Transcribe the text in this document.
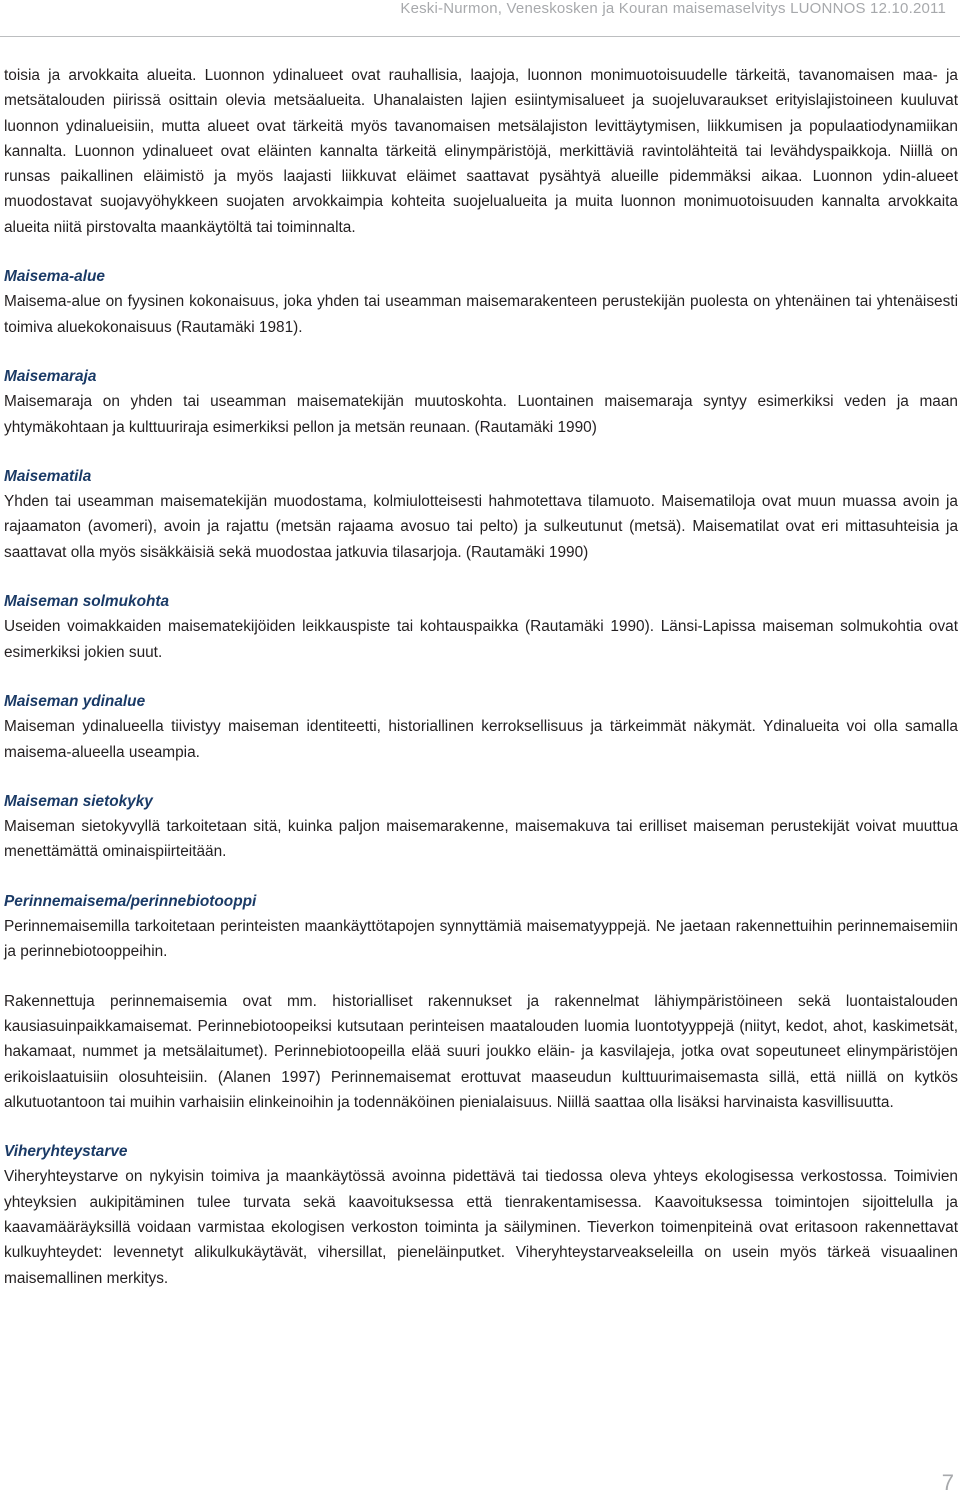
Keski-Nurmon, Veneskosken ja Kouran maisemaselvitys LUONNOS 12.10.2011

toisia ja arvokkaita alueita. Luonnon ydinalueet ovat rauhallisia, laajoja, luonnon monimuotoisuudelle tärkeitä, tavanomaisen maa- ja metsätalouden piirissä osittain olevia metsäalueita. Uhanalaisten lajien esiintymisalueet ja suojeluvaraukset erityislajistoineen kuuluvat luonnon ydinalueisiin, mutta alueet ovat tärkeitä myös tavanomaisen metsälajiston levittäytymisen, liikkumisen ja populaatiodynamiikan kannalta. Luonnon ydinalueet ovat eläinten kannalta tärkeitä elinympäristöjä, merkittäviä ravintolähteitä tai levähdyspaikkoja. Niillä on runsas paikallinen eläimistö ja myös laajasti liikkuvat eläimet saattavat pysähtyä alueille pidemmäksi aikaa. Luonnon ydin-alueet muodostavat suojavyöhykkeen suojaten arvokkaimpia kohteita suojelualueita ja muita luonnon monimuotoisuuden kannalta arvokkaita alueita niitä pirstovalta maankäytöltä tai toiminnalta.

Maisema-alue

Maisema-alue on fyysinen kokonaisuus, joka yhden tai useamman maisemarakenteen perustekijän puolesta on yhtenäinen tai yhtenäisesti toimiva aluekokonaisuus (Rautamäki 1981).

Maisemaraja

Maisemaraja on yhden tai useamman maisematekijän muutoskohta. Luontainen maisemaraja syntyy esimerkiksi veden ja maan yhtymäkohtaan ja kulttuuriraja esimerkiksi pellon ja metsän reunaan. (Rautamäki 1990)

Maisematila

Yhden tai useamman maisematekijän muodostama, kolmiulotteisesti hahmotettava tilamuoto. Maisematiloja ovat muun muassa avoin ja rajaamaton (avomeri), avoin ja rajattu (metsän rajaama avosuo tai pelto) ja sulkeutunut (metsä). Maisematilat ovat eri mittasuhteisia ja saattavat olla myös sisäkkäisiä sekä muodostaa jatkuvia tilasarjoja. (Rautamäki 1990)

Maiseman solmukohta

Useiden voimakkaiden maisematekijöiden leikkauspiste tai kohtauspaikka (Rautamäki 1990). Länsi-Lapissa maiseman solmukohtia ovat esimerkiksi jokien suut.

Maiseman ydinalue

Maiseman ydinalueella tiivistyy maiseman identiteetti, historiallinen kerroksellisuus ja tärkeimmät näkymät. Ydinalueita voi olla samalla maisema-alueella useampia.

Maiseman sietokyky

Maiseman sietokyvyllä tarkoitetaan sitä, kuinka paljon maisemarakenne, maisemakuva tai erilliset maiseman perustekijät voivat muuttua menettämättä ominaispiirteitään.

Perinnemaisema/perinnebiotooppi

Perinnemaisemilla tarkoitetaan perinteisten maankäyttötapojen synnyttämiä maisematyyppejä. Ne jaetaan rakennettuihin perinnemaisemiin ja perinnebiotooppeihin.

Rakennettuja perinnemaisemia ovat mm. historialliset rakennukset ja rakennelmat lähiympäristöineen sekä luontaistalouden kausiasuinpaikkamaisemat. Perinnebiotoopeiksi kutsutaan perinteisen maatalouden luomia luontotyyppejä (niityt, kedot, ahot, kaskimetsät, hakamaat, nummet ja metsälaitumet). Perinnebiotoopeilla elää suuri joukko eläin- ja kasvilajeja, jotka ovat sopeutuneet elinympäristöjen erikoislaatuisiin olosuhteisiin. (Alanen 1997) Perinnemaisemat erottuvat maaseudun kulttuurimaisemasta sillä, että niillä on kytkös alkutuotantoon tai muihin varhaisiin elinkeinoihin ja todennäköinen pienialaisuus. Niillä saattaa olla lisäksi harvinaista kasvillisuutta.

Viheryhteystarve

Viheryhteystarve on nykyisin toimiva ja maankäytössä avoinna pidettävä tai tiedossa oleva yhteys ekologisessa verkostossa. Toimivien yhteyksien aukipitäminen tulee turvata sekä kaavoituksessa että tienrakentamisessa. Kaavoituksessa toimintojen sijoittelulla ja kaavamääräyksillä voidaan varmistaa ekologisen verkoston toiminta ja säilyminen. Tieverkon toimenpiteinä ovat eritasoon rakennettavat kulkuyhteydet: levennetyt alikulkukäytävät, vihersillat, pieneläinputket. Viheryhteystarveakseleilla on usein myös tärkeä visuaalinen maisemallinen merkitys.

7
